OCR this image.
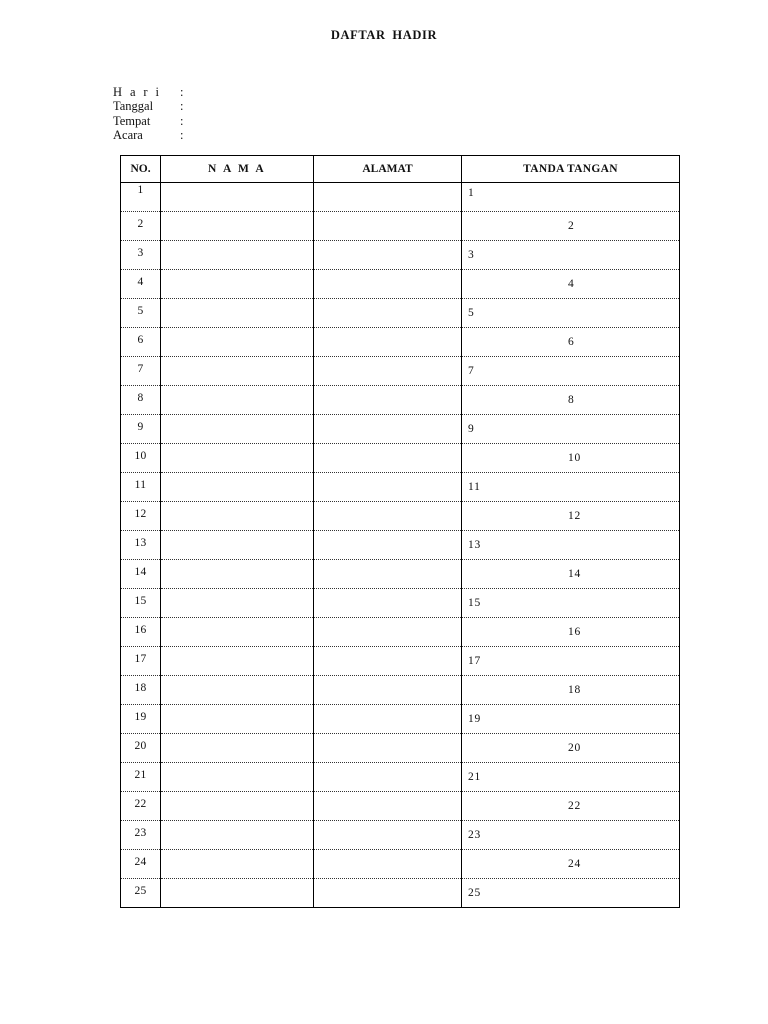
DAFTAR HADIR
H a r i	:
Tanggal	:
Tempat	:
Acara	:
NO.	N A M A	ALAMAT	TANDA TANGAN
1			1

2			2

3			3

4			4

5			5

6			6

7			7

8			8

9			9

10			10

11			11

12			12

13			13

14			14

15			15

16			16

17			17

18			18

19			19

20			20

21			21

22			22

23			23

24			24

25			25
